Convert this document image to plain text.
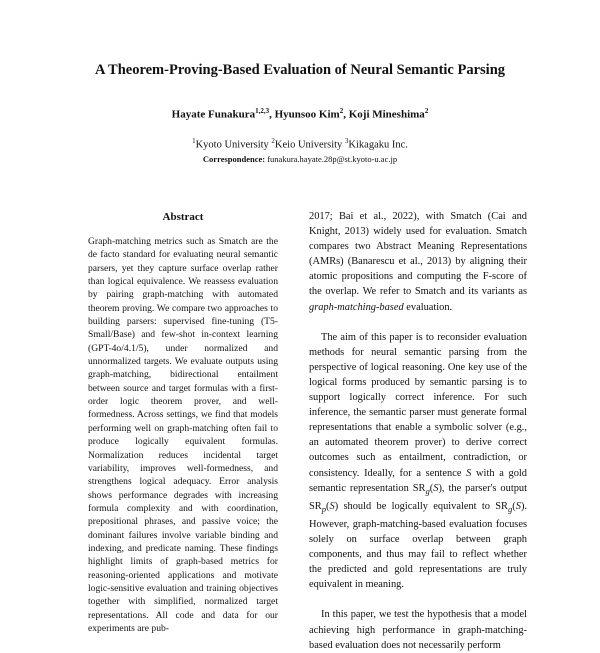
A Theorem-Proving-Based Evaluation of Neural Semantic Parsing
Hayate Funakura$^{1,2,3}$, Hyunsoo Kim$^2$, Koji Mineshima$^2$
$^1$Kyoto University $^2$Keio University $^3$Kikagaku Inc.
Correspondence: funakura.hayate.28p@st.kyoto-u.ac.jp
Abstract
Graph-matching metrics such as Smatch are the de facto standard for evaluating neural semantic parsers, yet they capture surface overlap rather than logical equivalence. We reassess evaluation by pairing graph-matching with automated theorem proving. We compare two approaches to building parsers: supervised fine-tuning (T5-Small/Base) and few-shot in-context learning (GPT-4o/4.1/5), under normalized and unnormalized targets. We evaluate outputs using graph-matching, bidirectional entailment between source and target formulas with a first-order logic theorem prover, and well-formedness. Across settings, we find that models performing well on graph-matching often fail to produce logically equivalent formulas. Normalization reduces incidental target variability, improves well-formedness, and strengthens logical adequacy. Error analysis shows performance degrades with increasing formula complexity and with coordination, prepositional phrases, and passive voice; the dominant failures involve variable binding and indexing, and predicate naming. These findings highlight limits of graph-based metrics for reasoning-oriented applications and motivate logic-sensitive evaluation and training objectives together with simplified, normalized target representations. All code and data for our experiments are pub-

2017; Bai et al., 2022), with Smatch (Cai and Knight, 2013) widely used for evaluation. Smatch compares two Abstract Meaning Representations (AMRs) (Banarescu et al., 2013) by aligning their atomic propositions and computing the F-score of the overlap. We refer to Smatch and its variants as graph-matching-based evaluation.

The aim of this paper is to reconsider evaluation methods for neural semantic parsing from the perspective of logical reasoning. One key use of the logical forms produced by semantic parsing is to support logically correct inference. For such inference, the semantic parser must generate formal representations that enable a symbolic solver (e.g., an automated theorem prover) to derive correct outcomes such as entailment, contradiction, or consistency. Ideally, for a sentence S with a gold semantic representation $SR_g(S)$, the parser's output $SR_p(S)$ should be logically equivalent to $SR_g(S)$. However, graph-matching-based evaluation focuses solely on surface overlap between graph components, and thus may fail to reflect whether the predicted and gold representations are truly equivalent in meaning.

In this paper, we test the hypothesis that a model achieving high performance in graph-matching-based evaluation does not necessarily perform
